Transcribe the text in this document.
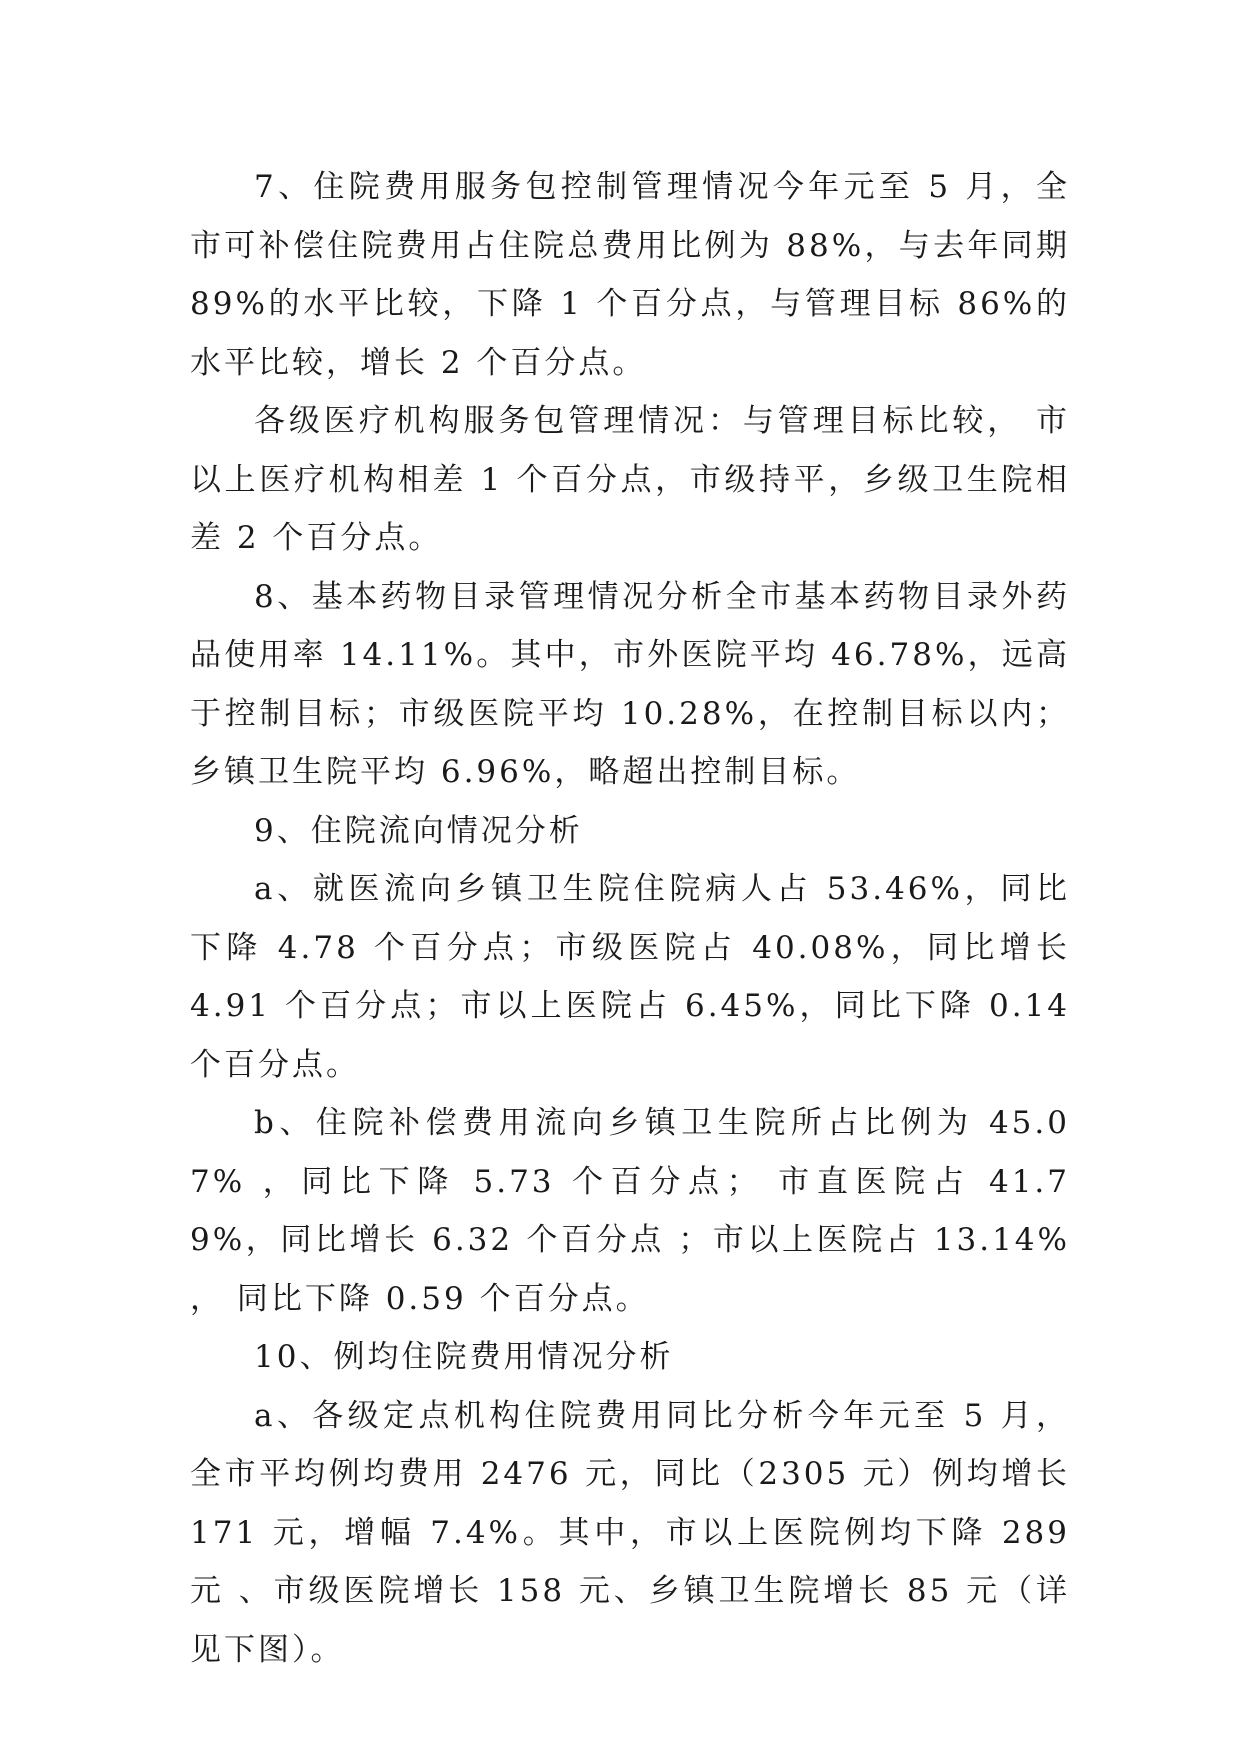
7、住院费用服务包控制管理情况今年元至 5 月，全市可补偿住院费用占住院总费用比例为 88%，与去年同期 89%的水平比较，下降 1 个百分点，与管理目标 86%的水平比较，增长 2 个百分点。

各级医疗机构服务包管理情况：与管理目标比较， 市以上医疗机构相差 1 个百分点，市级持平，乡级卫生院相差 2 个百分点。

8、基本药物目录管理情况分析全市基本药物目录外药品使用率 14.11%。其中，市外医院平均 46.78%，远高于控制目标；市级医院平均 10.28%，在控制目标以内；乡镇卫生院平均 6.96%，略超出控制目标。

9、住院流向情况分析

a、就医流向乡镇卫生院住院病人占 53.46%，同比下降 4.78 个百分点；市级医院占 40.08%，同比增长 4.91 个百分点；市以上医院占 6.45%，同比下降 0.14 个百分点。

b、住院补偿费用流向乡镇卫生院所占比例为 45.07% ，同比下降 5.73 个百分点； 市直医院占 41.79%，同比增长 6.32 个百分点 ；市以上医院占 13.14% ， 同比下降 0.59 个百分点。

10、例均住院费用情况分析

a、各级定点机构住院费用同比分析今年元至 5 月，全市平均例均费用 2476 元，同比（2305 元）例均增长 171 元，增幅 7.4%。其中，市以上医院例均下降 289 元 、市级医院增长 158 元、乡镇卫生院增长 85 元（详见下图）。
